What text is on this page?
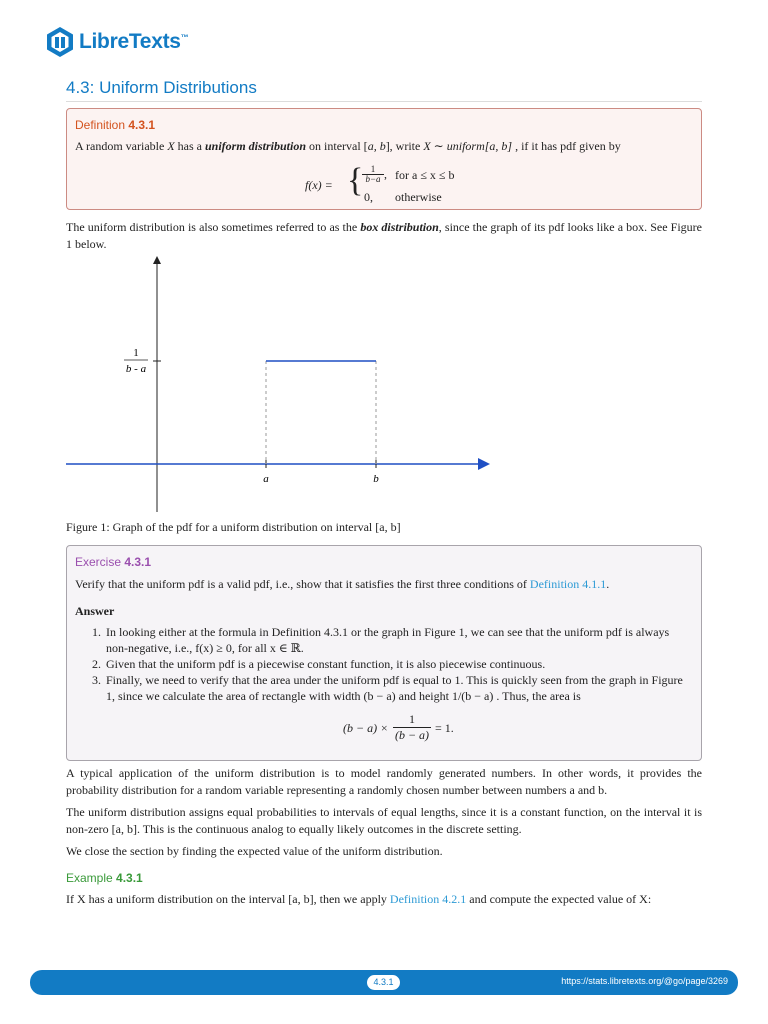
LibreTexts™
4.3: Uniform Distributions
Definition 4.3.1
A random variable X has a uniform distribution on interval [a, b], write X ∼ uniform[a, b] , if it has pdf given by
f(x) = { 1
b−a , for a ≤ x ≤ b
0, otherwise

The uniform distribution is also sometimes referred to as the box distribution, since the graph of its pdf looks like a box. See Figure 1 below.

1
b - a
a	b

Figure 1: Graph of the pdf for a uniform distribution on interval [a, b]

Exercise 4.3.1
Verify that the uniform pdf is a valid pdf, i.e., show that it satisfies the first three conditions of Definition 4.1.1.
Answer
1. In looking either at the formula in Definition 4.3.1 or the graph in Figure 1, we can see that the uniform pdf is always
non-negative, i.e., f(x) ≥ 0, for all x ∈ ℝ.
2. Given that the uniform pdf is a piecewise constant function, it is also piecewise continuous.
3. Finally, we need to verify that the area under the uniform pdf is equal to 1. This is quickly seen from the graph in Figure
1, since we calculate the area of rectangle with width (b − a) and height 1/(b − a) . Thus, the area is
(b − a) ×
1
(b − a) = 1.

A typical application of the uniform distribution is to model randomly generated numbers. In other words, it provides the probability distribution for a random variable representing a randomly chosen number between numbers a and b.

The uniform distribution assigns equal probabilities to intervals of equal lengths, since it is a constant function, on the interval it is non-zero [a, b]. This is the continuous analog to equally likely outcomes in the discrete setting.

We close the section by finding the expected value of the uniform distribution.

Example 4.3.1

If X has a uniform distribution on the interval [a, b], then we apply Definition 4.2.1 and compute the expected value of X:

4.3.1	https://stats.libretexts.org/@go/page/3269
